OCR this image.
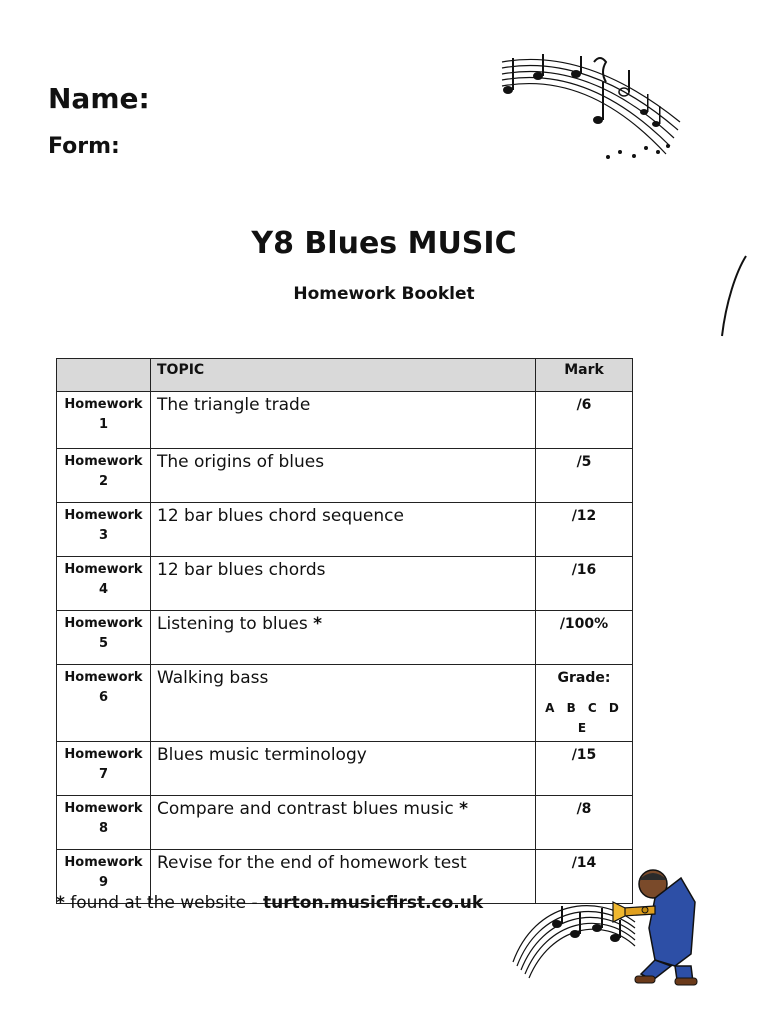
Name:
Form:
Y8 Blues MUSIC
Homework Booklet
	TOPIC	Mark
Homework 1	The triangle trade	/6
Homework 2	The origins of blues	/5
Homework 3	12 bar blues chord sequence	/12
Homework 4	12 bar blues chords	/16
Homework 5	Listening to blues *	/100%
Homework 6	Walking bass	Grade:
A B C D E

Homework 7	Blues music terminology	/15
Homework 8	Compare and contrast blues music *	/8
Homework 9	Revise for the end of homework test	/14
* found at the website - turton.musicfirst.co.uk
